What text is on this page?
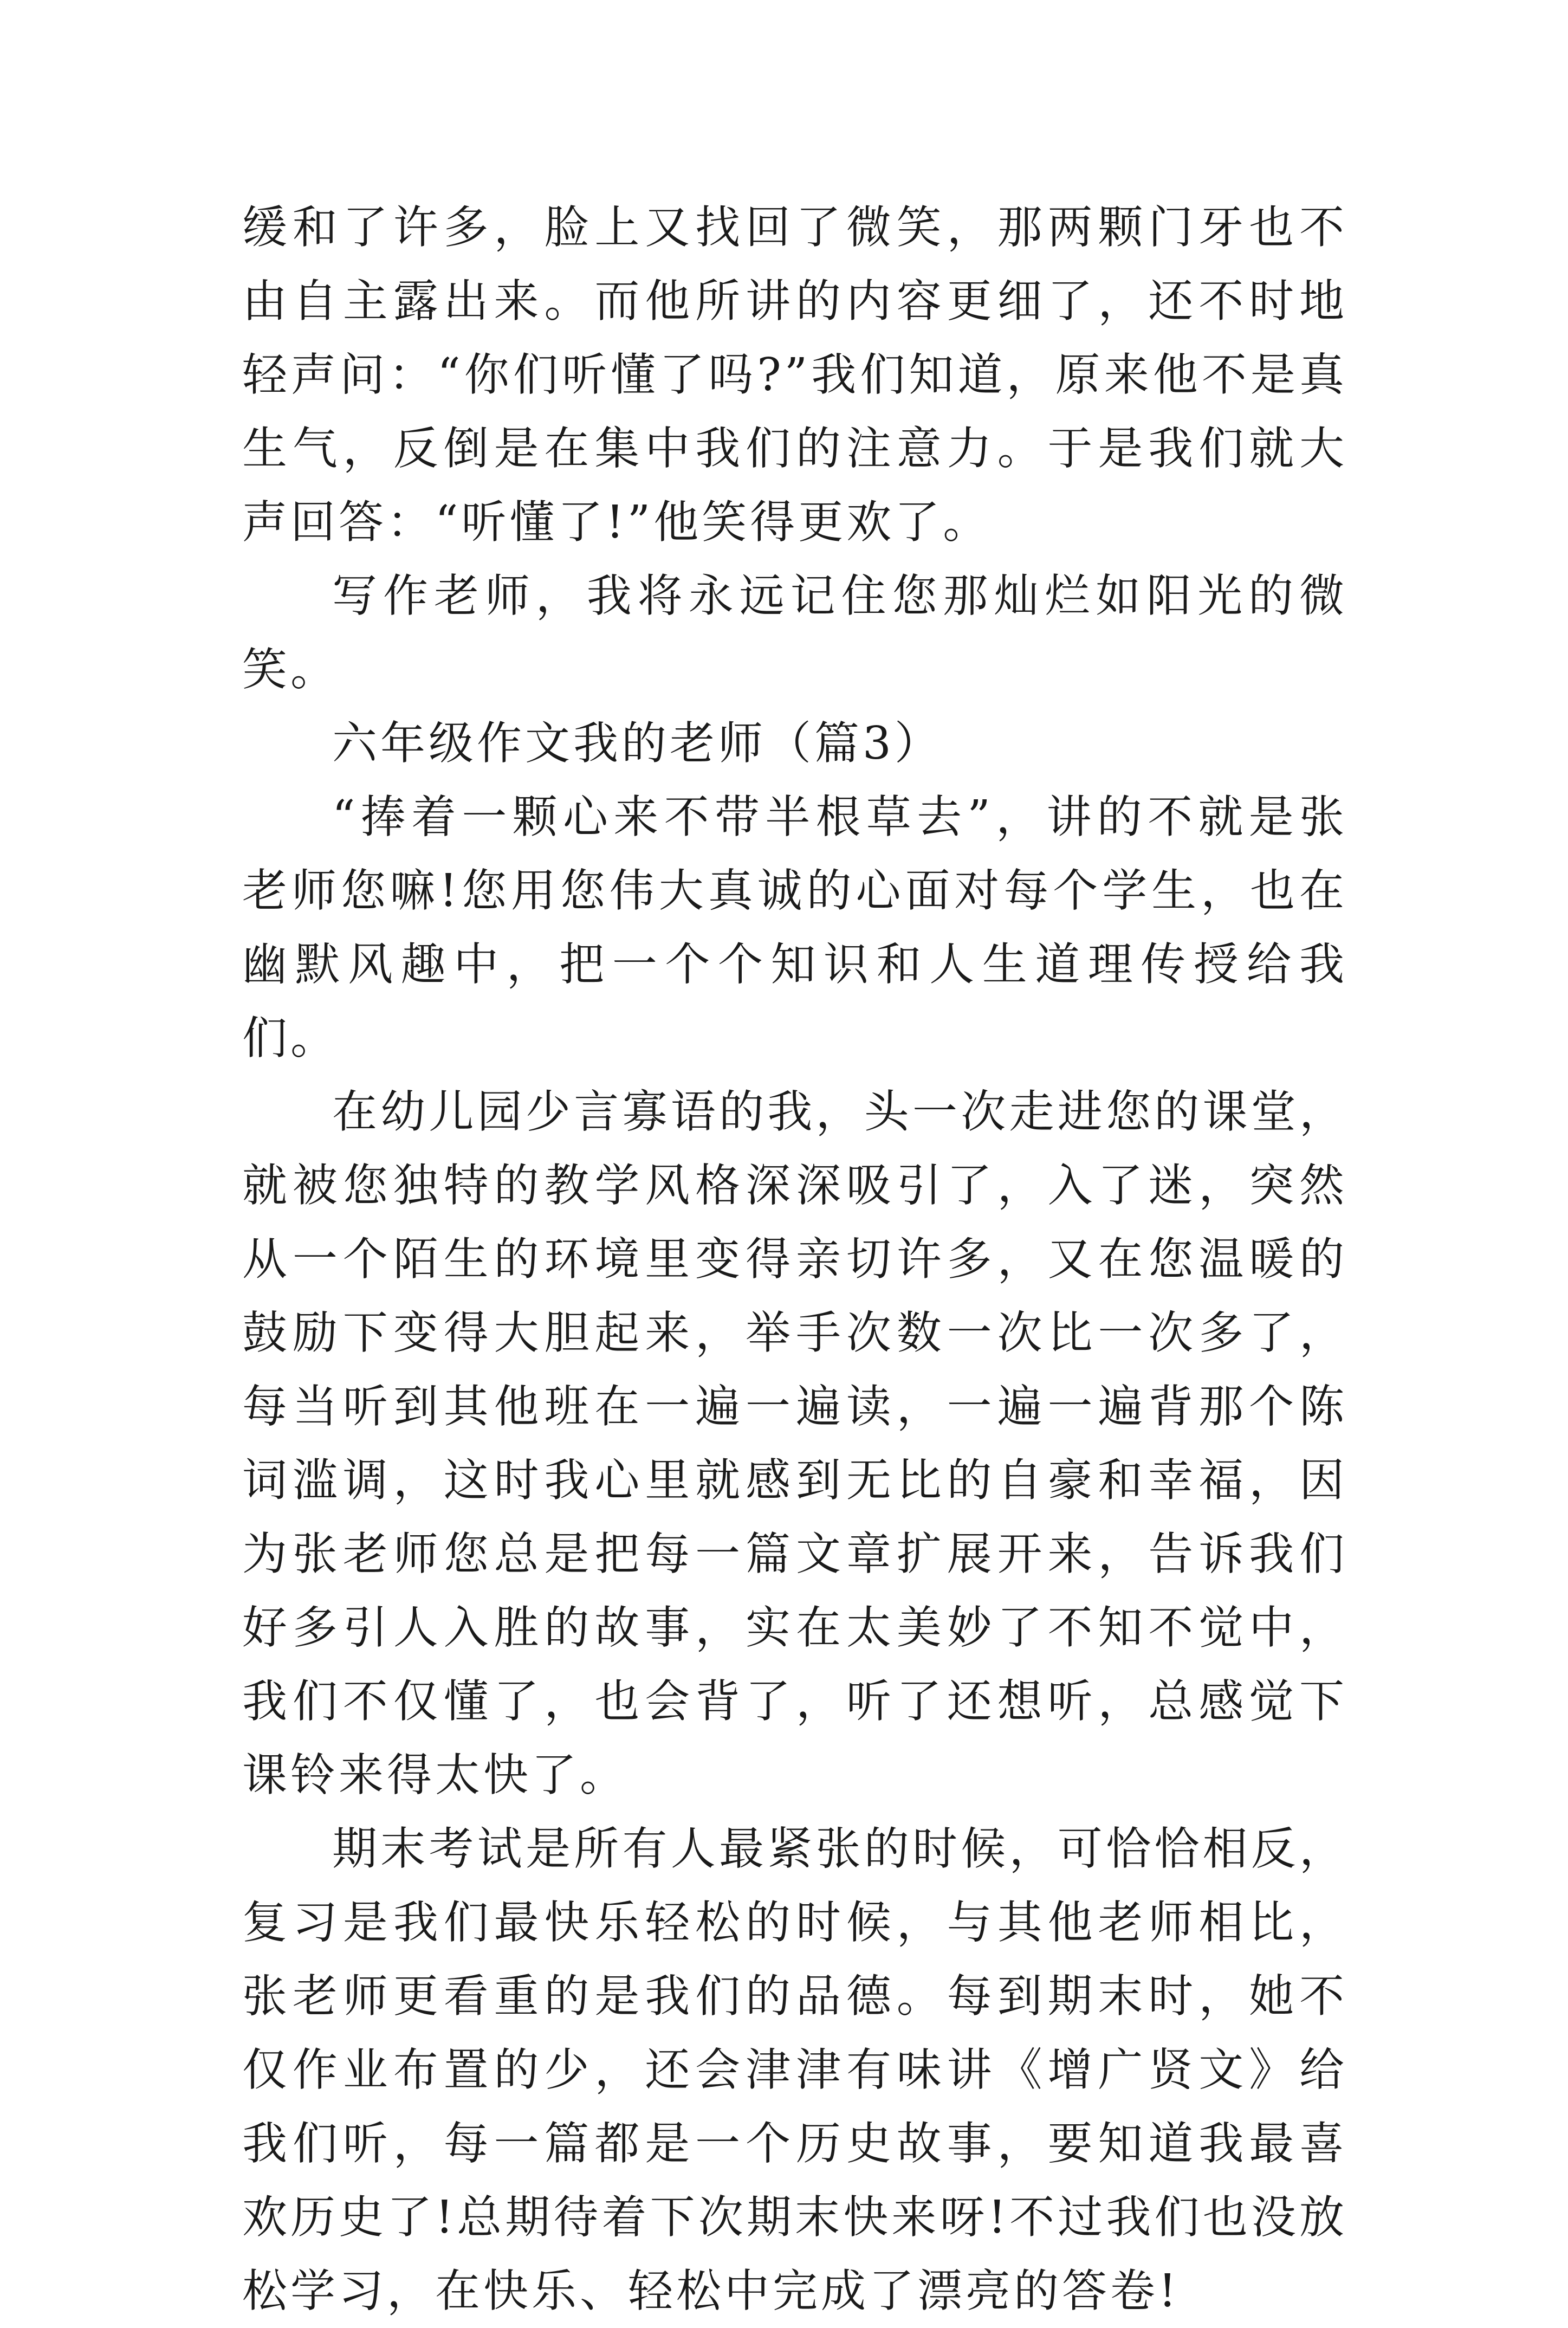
缓和了许多，脸上又找回了微笑，那两颗门牙也不由自主露出来。而他所讲的内容更细了，还不时地轻声问：“你们听懂了吗?”我们知道，原来他不是真生气，反倒是在集中我们的注意力。于是我们就大声回答：“听懂了!”他笑得更欢了。

写作老师，我将永远记住您那灿烂如阳光的微笑。

六年级作文我的老师（篇3）

“捧着一颗心来不带半根草去”，讲的不就是张老师您嘛!您用您伟大真诚的心面对每个学生，也在幽默风趣中，把一个个知识和人生道理传授给我们。

在幼儿园少言寡语的我，头一次走进您的课堂，就被您独特的教学风格深深吸引了，入了迷，突然从一个陌生的环境里变得亲切许多，又在您温暖的鼓励下变得大胆起来，举手次数一次比一次多了，每当听到其他班在一遍一遍读，一遍一遍背那个陈词滥调，这时我心里就感到无比的自豪和幸福，因为张老师您总是把每一篇文章扩展开来，告诉我们好多引人入胜的故事，实在太美妙了不知不觉中，我们不仅懂了，也会背了，听了还想听，总感觉下课铃来得太快了。

期末考试是所有人最紧张的时候，可恰恰相反，复习是我们最快乐轻松的时候，与其他老师相比，张老师更看重的是我们的品德。每到期末时，她不仅作业布置的少，还会津津有味讲《增广贤文》给我们听，每一篇都是一个历史故事，要知道我最喜欢历史了!总期待着下次期末快来呀!不过我们也没放松学习，在快乐、轻松中完成了漂亮的答卷!
